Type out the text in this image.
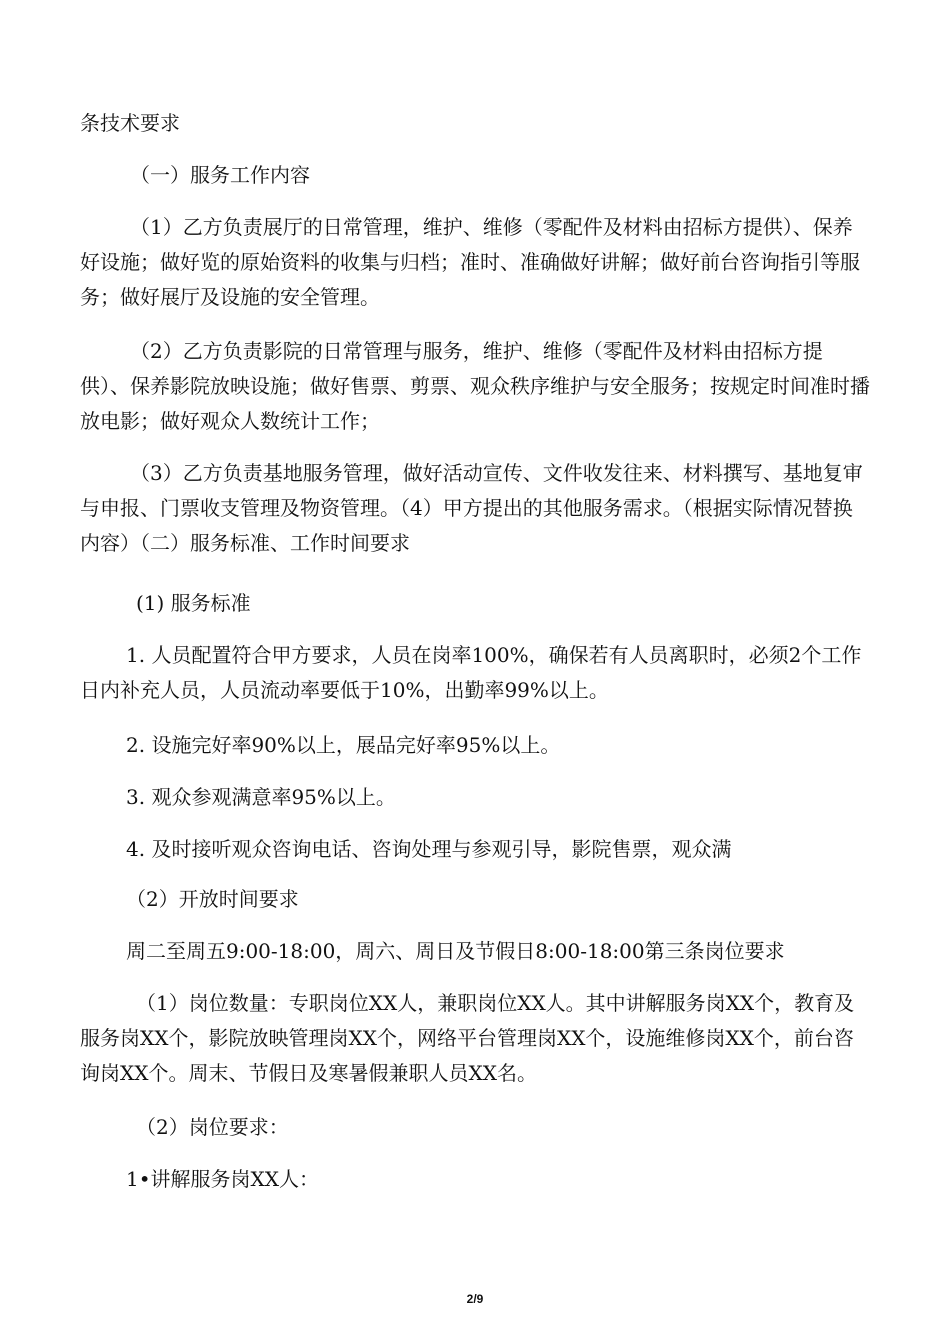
条技术要求

（一）服务工作内容

（1）乙方负责展厅的日常管理，维护、维修（零配件及材料由招标方提供）、保养好设施；做好览的原始资料的收集与归档；准时、准确做好讲解；做好前台咨询指引等服务；做好展厅及设施的安全管理。

（2）乙方负责影院的日常管理与服务，维护、维修（零配件及材料由招标方提供）、保养影院放映设施；做好售票、剪票、观众秩序维护与安全服务；按规定时间准时播放电影；做好观众人数统计工作；

（3）乙方负责基地服务管理，做好活动宣传、文件收发往来、材料撰写、基地复审与申报、门票收支管理及物资管理。（4）甲方提出的其他服务需求。（根据实际情况替换内容）（二）服务标准、工作时间要求

(1) 服务标准

1. 人员配置符合甲方要求，人员在岗率100%，确保若有人员离职时，必须2个工作日内补充人员，人员流动率要低于10%，出勤率99%以上。

2. 设施完好率90%以上，展品完好率95%以上。

3. 观众参观满意率95%以上。

4. 及时接听观众咨询电话、咨询处理与参观引导，影院售票，观众满

（2）开放时间要求

周二至周五9:00-18:00，周六、周日及节假日8:00-18:00第三条岗位要求

（1）岗位数量：专职岗位XX人，兼职岗位XX人。其中讲解服务岗XX个，教育及服务岗XX个，影院放映管理岗XX个，网络平台管理岗XX个，设施维修岗XX个，前台咨询岗XX个。周末、节假日及寒暑假兼职人员XX名。

（2）岗位要求：

1•讲解服务岗XX人：

2/9
